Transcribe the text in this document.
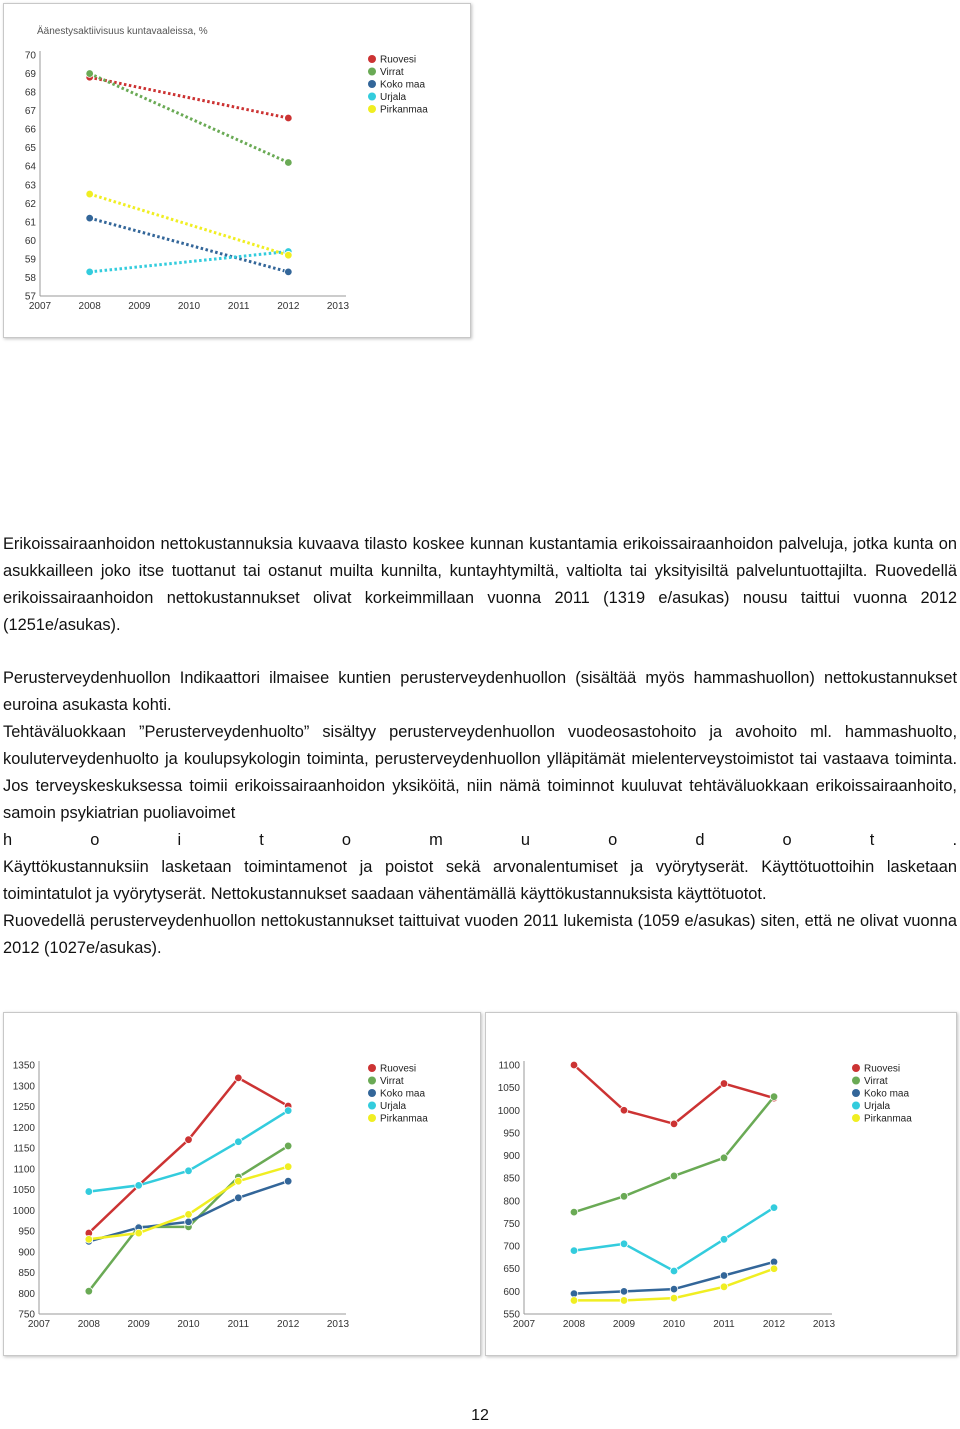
Äänestysaktiivisuus kuntavaaleissa, %
57
58
59
60
61
62
63
64
65
66
67
68
69
70
2007	2008	2009	2010	2011	2012	2013
Ruovesi
Virrat
Koko maa
Urjala
Pirkanmaa

Erikoissairaanhoidon nettokustannuksia kuvaava tilasto koskee kunnan kustantamia erikoissairaanhoidon palveluja, jotka kunta on asukkailleen joko itse tuottanut tai ostanut muilta kunnilta, kuntayhtymiltä, valtiolta tai yksityisiltä palveluntuottajilta. Ruovedellä erikoissairaanhoidon nettokustannukset olivat korkeimmillaan vuonna 2011 (1319 e/asukas) nousu taittui vuonna 2012 (1251e/asukas).

Perusterveydenhuollon Indikaattori ilmaisee kuntien perusterveydenhuollon (sisältää myös hammashuollon) nettokustannukset euroina asukasta kohti.

Tehtäväluokkaan ”Perusterveydenhuolto” sisältyy perusterveydenhuollon vuodeosastohoito ja avohoito ml. hammashuolto, kouluterveydenhuolto ja koulupsykologin toiminta, perusterveydenhuollon ylläpitämät mielenterveystoimistot tai vastaava toiminta. Jos terveyskeskuksessa toimii erikoissairaanhoidon yksiköitä, niin nämä toiminnot kuuluvat tehtäväluokkaan erikoissairaanhoito, samoin psykiatrian puoliavoimet

h o i t o m u o d o t .

Käyttökustannuksiin lasketaan toimintamenot ja poistot sekä arvonalentumiset ja vyörytyserät. Käyttötuottoihin lasketaan toimintatulot ja vyörytyserät. Nettokustannukset saadaan vähentämällä käyttökustannuksista käyttötuotot.

Ruovedellä perusterveydenhuollon nettokustannukset taittuivat vuoden 2011 lukemista (1059 e/asukas) siten, että ne olivat vuonna 2012 (1027e/asukas).

750
800
850
900
950
1000
1050
1100
1150
1200
1250
1300
1350
2007	2008	2009	2010	2011	2012	2013
Ruovesi
Virrat
Koko maa
Urjala
Pirkanmaa
550
600
650
700
750
800
850
900
950
1000
1050
1100
2007	2008	2009	2010	2011	2012	2013
Ruovesi
Virrat
Koko maa
Urjala
Pirkanmaa
12
